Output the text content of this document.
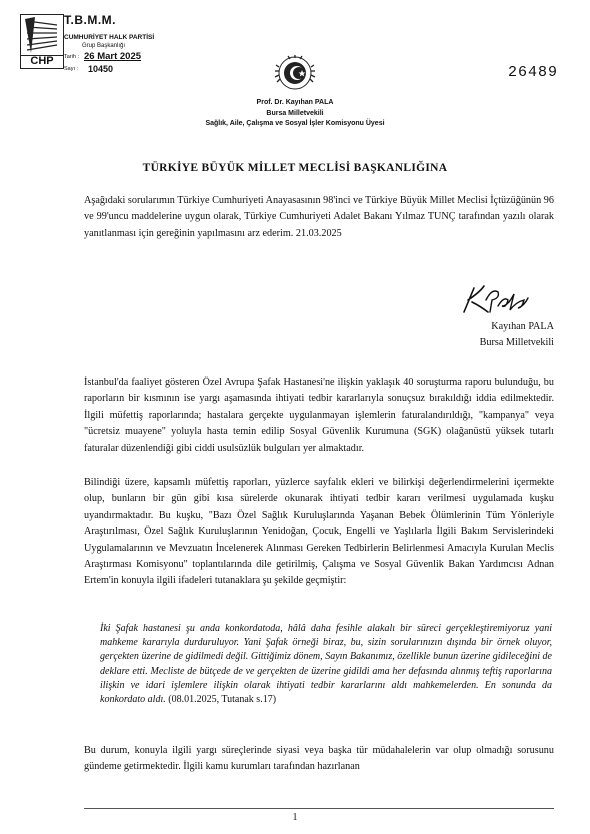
CHP
T.B.M.M.
CUMHURİYET HALK PARTİSİ
Grup Başkanlığı
Tarih : 26 Mart 2025
Sayı : 10450	26489
Prof. Dr. Kayıhan PALA
Bursa Milletvekili
Sağlık, Aile, Çalışma ve Sosyal İşler Komisyonu Üyesi
TÜRKİYE BÜYÜK MİLLET MECLİSİ BAŞKANLIĞINA
Aşağıdaki sorularımın Türkiye Cumhuriyeti Anayasasının 98'inci ve Türkiye Büyük Millet Meclisi İçtüzüğünün 96 ve 99'uncu maddelerine uygun olarak, Türkiye Cumhuriyeti Adalet Bakanı Yılmaz TUNÇ tarafından yazılı olarak yanıtlanması için gereğinin yapılmasını arz ederim. 21.03.2025
Kayıhan PALA
Bursa Milletvekili
İstanbul'da faaliyet gösteren Özel Avrupa Şafak Hastanesi'ne ilişkin yaklaşık 40 soruşturma raporu bulunduğu, bu raporların bir kısmının ise yargı aşamasında ihtiyati tedbir kararlarıyla sonuçsuz bırakıldığı iddia edilmektedir. İlgili müfettiş raporlarında; hastalara gerçekte uygulanmayan işlemlerin faturalandırıldığı, "kampanya" veya "ücretsiz muayene" yoluyla hasta temin edilip Sosyal Güvenlik Kurumuna (SGK) olağanüstü yüksek tutarlı faturalar düzenlendiği gibi ciddi usulsüzlük bulguları yer almaktadır.
Bilindiği üzere, kapsamlı müfettiş raporları, yüzlerce sayfalık ekleri ve bilirkişi değerlendirmelerini içermekte olup, bunların bir gün gibi kısa sürelerde okunarak ihtiyati tedbir kararı verilmesi uygulamada kuşku uyandırmaktadır. Bu kuşku, "Bazı Özel Sağlık Kuruluşlarında Yaşanan Bebek Ölümlerinin Tüm Yönleriyle Araştırılması, Özel Sağlık Kuruluşlarının Yenidoğan, Çocuk, Engelli ve Yaşlılarla İlgili Bakım Servislerindeki Uygulamalarının ve Mevzuatın İncelenerek Alınması Gereken Tedbirlerin Belirlenmesi Amacıyla Kurulan Meclis Araştırması Komisyonu" toplantılarında dile getirilmiş, Çalışma ve Sosyal Güvenlik Bakan Yardımcısı Adnan Ertem'in konuyla ilgili ifadeleri tutanaklara şu şekilde geçmiştir:
İki Şafak hastanesi şu anda konkordatoda, hâlâ daha fesihle alakalı bir süreci gerçekleştiremiyoruz yani mahkeme kararıyla durduruluyor. Yani Şafak örneği biraz, bu, sizin sorularınızın dışında bir örnek oluyor, gerçekten üzerine de gidilmedi değil. Gittiğimiz dönem, Sayın Bakanımız, özellikle bunun üzerine gidileceğini de deklare etti. Mecliste de bütçede de ve gerçekten de üzerine gidildi ama her defasında alınmış teftiş raporlarına ilişkin ve idari işlemlere ilişkin olarak ihtiyati tedbir kararlarını aldı mahkemelerden. En sonunda da konkordato aldı. (08.01.2025, Tutanak s.17)
Bu durum, konuyla ilgili yargı süreçlerinde siyasi veya başka tür müdahalelerin var olup olmadığı sorusunu gündeme getirmektedir. İlgili kamu kurumları tarafından hazırlanan
1
